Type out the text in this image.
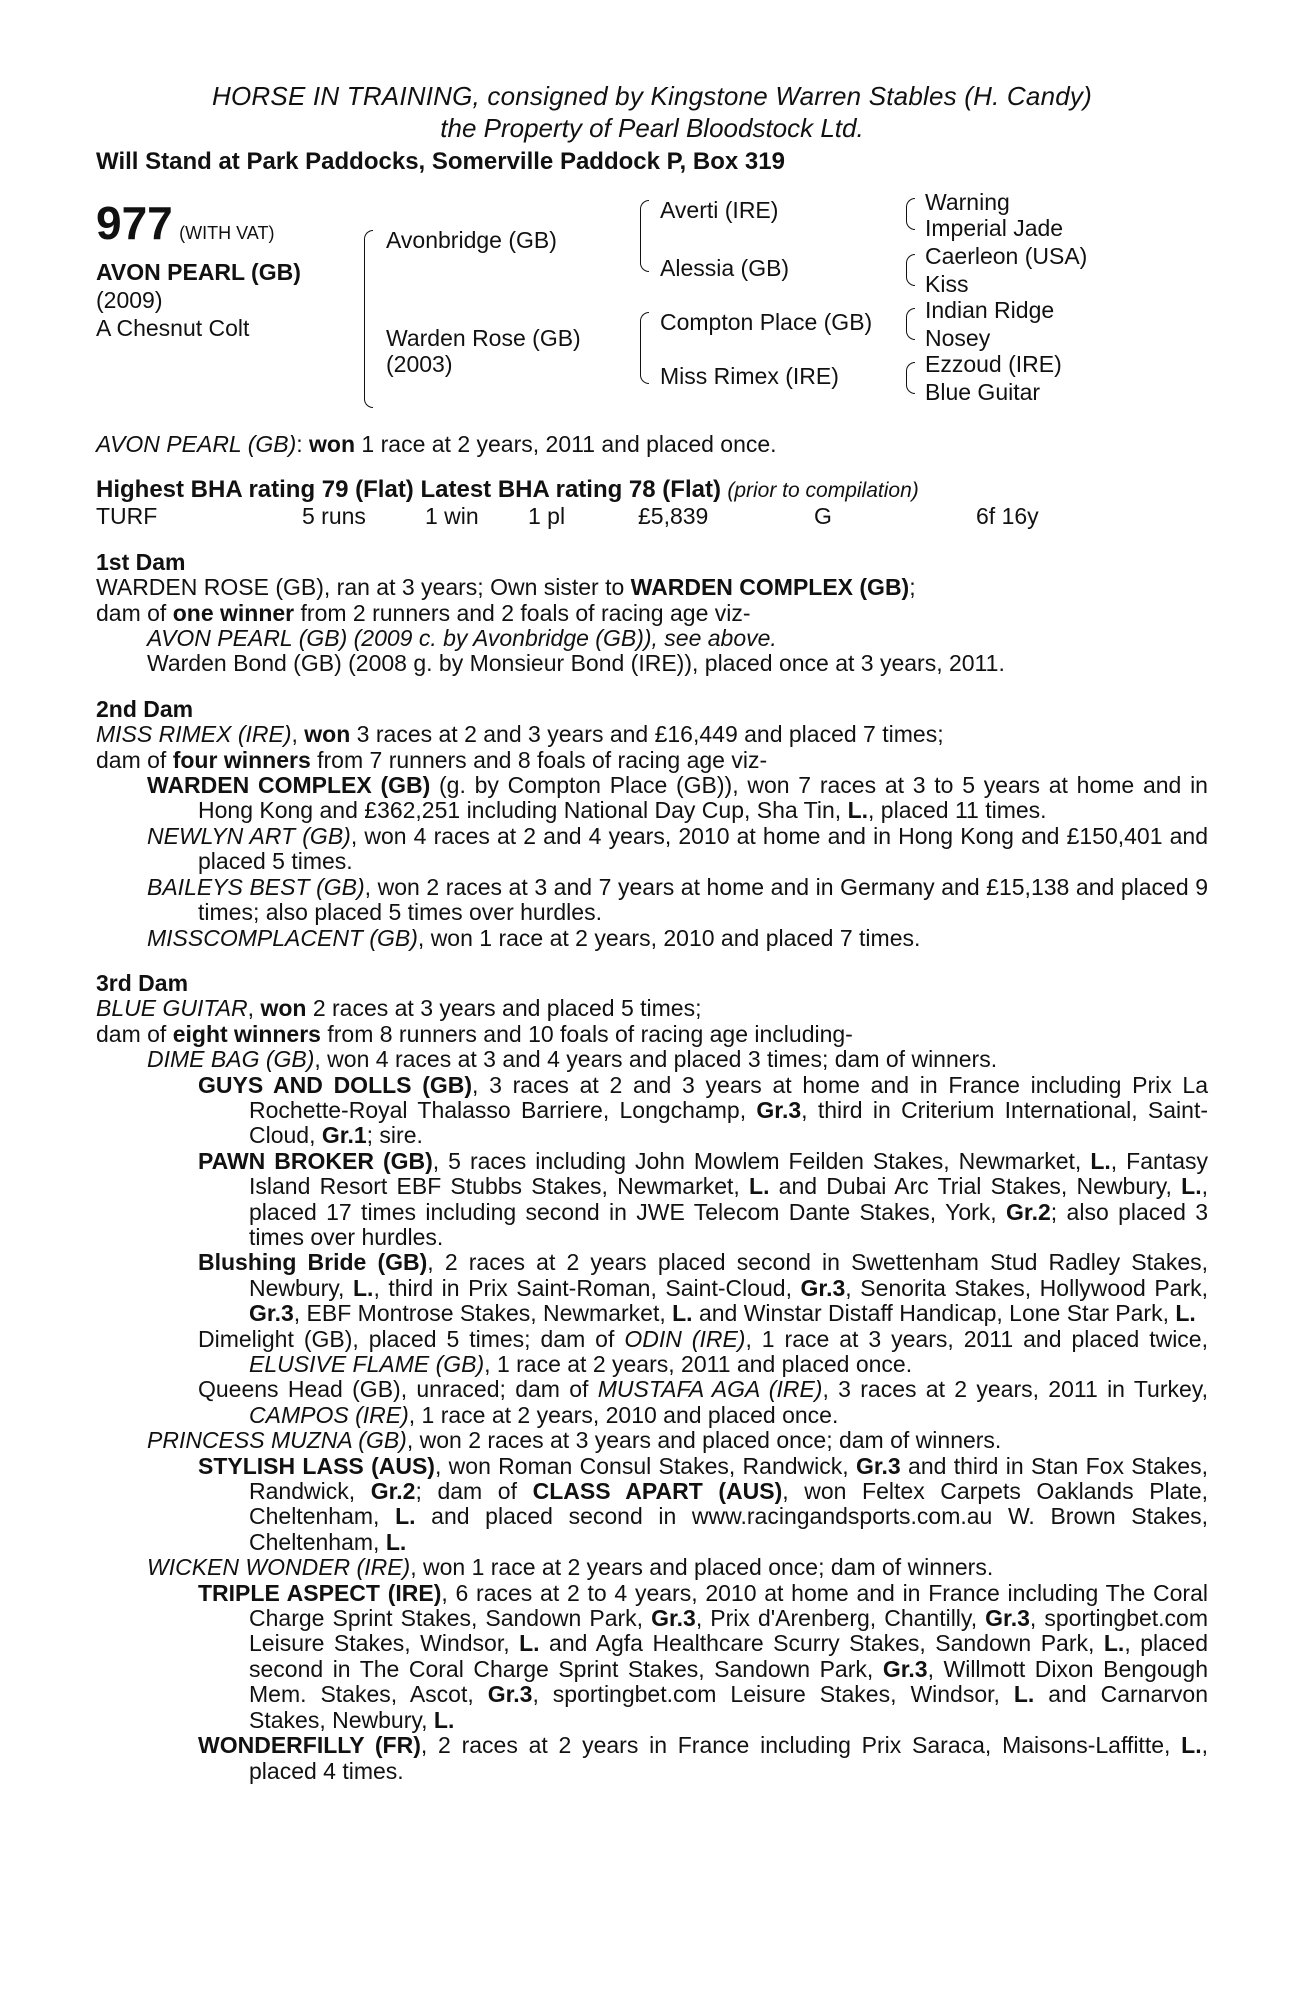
HORSE IN TRAINING, consigned by Kingstone Warren Stables (H. Candy)
the Property of Pearl Bloodstock Ltd.
Will Stand at Park Paddocks, Somerville Paddock P, Box 319
977 (WITH VAT)
AVON PEARL (GB)
(2009)
A Chesnut Colt
Avonbridge (GB)
Warden Rose (GB)
(2003)
Averti (IRE)
Alessia (GB)
Compton Place (GB)
Miss Rimex (IRE)
Warning
Imperial Jade
Caerleon (USA)
Kiss
Indian Ridge
Nosey
Ezzoud (IRE)
Blue Guitar

AVON PEARL (GB): won 1 race at 2 years, 2011 and placed once.

Highest BHA rating 79 (Flat) Latest BHA rating 78 (Flat) (prior to compilation)

TURF	5 runs	1 win 1 pl	£5,839	G	6f 16y
1st Dam

WARDEN ROSE (GB), ran at 3 years; Own sister to WARDEN COMPLEX (GB);

dam of one winner from 2 runners and 2 foals of racing age viz-

AVON PEARL (GB) (2009 c. by Avonbridge (GB)), see above.

Warden Bond (GB) (2008 g. by Monsieur Bond (IRE)), placed once at 3 years, 2011.

2nd Dam

MISS RIMEX (IRE), won 3 races at 2 and 3 years and £16,449 and placed 7 times;

dam of four winners from 7 runners and 8 foals of racing age viz-

WARDEN COMPLEX (GB) (g. by Compton Place (GB)), won 7 races at 3 to 5 years at home and in Hong Kong and £362,251 including National Day Cup, Sha Tin, L., placed 11 times.

NEWLYN ART (GB), won 4 races at 2 and 4 years, 2010 at home and in Hong Kong and £150,401 and placed 5 times.

BAILEYS BEST (GB), won 2 races at 3 and 7 years at home and in Germany and £15,138 and placed 9 times; also placed 5 times over hurdles.

MISSCOMPLACENT (GB), won 1 race at 2 years, 2010 and placed 7 times.

3rd Dam

BLUE GUITAR, won 2 races at 3 years and placed 5 times;

dam of eight winners from 8 runners and 10 foals of racing age including-

DIME BAG (GB), won 4 races at 3 and 4 years and placed 3 times; dam of winners.

GUYS AND DOLLS (GB), 3 races at 2 and 3 years at home and in France including Prix La Rochette-Royal Thalasso Barriere, Longchamp, Gr.3, third in Criterium International, Saint-Cloud, Gr.1; sire.

PAWN BROKER (GB), 5 races including John Mowlem Feilden Stakes, Newmarket, L., Fantasy Island Resort EBF Stubbs Stakes, Newmarket, L. and Dubai Arc Trial Stakes, Newbury, L., placed 17 times including second in JWE Telecom Dante Stakes, York, Gr.2; also placed 3 times over hurdles.

Blushing Bride (GB), 2 races at 2 years placed second in Swettenham Stud Radley Stakes, Newbury, L., third in Prix Saint-Roman, Saint-Cloud, Gr.3, Senorita Stakes, Hollywood Park, Gr.3, EBF Montrose Stakes, Newmarket, L. and Winstar Distaff Handicap, Lone Star Park, L.

Dimelight (GB), placed 5 times; dam of ODIN (IRE), 1 race at 3 years, 2011 and placed twice, ELUSIVE FLAME (GB), 1 race at 2 years, 2011 and placed once.

Queens Head (GB), unraced; dam of MUSTAFA AGA (IRE), 3 races at 2 years, 2011 in Turkey, CAMPOS (IRE), 1 race at 2 years, 2010 and placed once.

PRINCESS MUZNA (GB), won 2 races at 3 years and placed once; dam of winners.

STYLISH LASS (AUS), won Roman Consul Stakes, Randwick, Gr.3 and third in Stan Fox Stakes, Randwick, Gr.2; dam of CLASS APART (AUS), won Feltex Carpets Oaklands Plate, Cheltenham, L. and placed second in www.racingandsports.com.au W. Brown Stakes, Cheltenham, L.

WICKEN WONDER (IRE), won 1 race at 2 years and placed once; dam of winners.

TRIPLE ASPECT (IRE), 6 races at 2 to 4 years, 2010 at home and in France including The Coral Charge Sprint Stakes, Sandown Park, Gr.3, Prix d'Arenberg, Chantilly, Gr.3, sportingbet.com Leisure Stakes, Windsor, L. and Agfa Healthcare Scurry Stakes, Sandown Park, L., placed second in The Coral Charge Sprint Stakes, Sandown Park, Gr.3, Willmott Dixon Bengough Mem. Stakes, Ascot, Gr.3, sportingbet.com Leisure Stakes, Windsor, L. and Carnarvon Stakes, Newbury, L.

WONDERFILLY (FR), 2 races at 2 years in France including Prix Saraca, Maisons-Laffitte, L., placed 4 times.
